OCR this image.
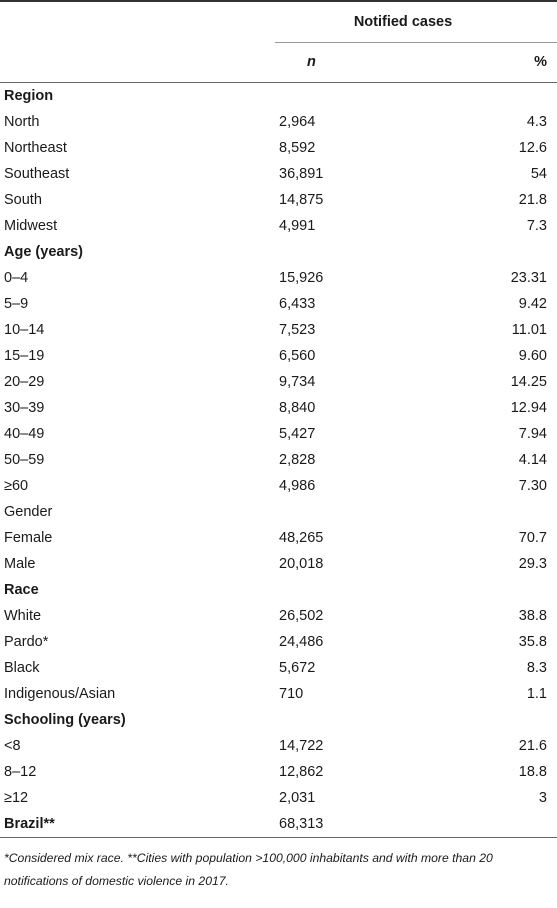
	Notified cases	
	n	%
Region		
North	2,964	4.3
Northeast	8,592	12.6
Southeast	36,891	54
South	14,875	21.8
Midwest	4,991	7.3
Age (years)		
0–4	15,926	23.31
5–9	6,433	9.42
10–14	7,523	11.01
15–19	6,560	9.60
20–29	9,734	14.25
30–39	8,840	12.94
40–49	5,427	7.94
50–59	2,828	4.14
≥60	4,986	7.30
Gender		
Female	48,265	70.7
Male	20,018	29.3
Race		
White	26,502	38.8
Pardo*	24,486	35.8
Black	5,672	8.3
Indigenous/Asian	710	1.1
Schooling (years)		
<8	14,722	21.6
8–12	12,862	18.8
≥12	2,031	3
Brazil**	68,313	
*Considered mix race. **Cities with population >100,000 inhabitants and with more than 20 notifications of domestic violence in 2017.
